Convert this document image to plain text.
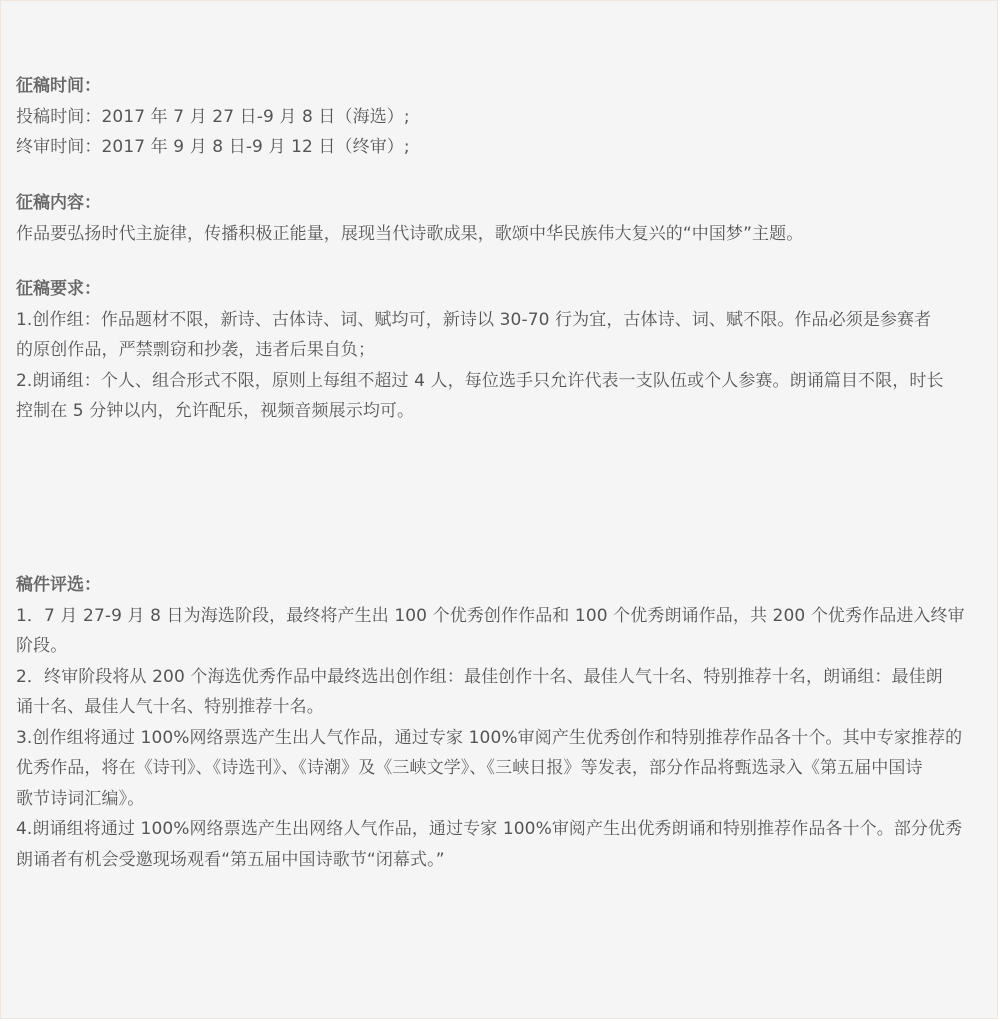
征稿时间：

投稿时间：2017 年 7 月 27 日-9 月 8 日（海选）;

终审时间：2017 年 9 月 8 日-9 月 12 日（终审）;

征稿内容：

作品要弘扬时代主旋律，传播积极正能量，展现当代诗歌成果，歌颂中华民族伟大复兴的“中国梦”主题。

征稿要求：

1.创作组：作品题材不限，新诗、古体诗、词、赋均可，新诗以 30-70 行为宜，古体诗、词、赋不限。作品必须是参赛者

的原创作品，严禁剽窃和抄袭，违者后果自负；

2.朗诵组：个人、组合形式不限，原则上每组不超过 4 人，每位选手只允许代表一支队伍或个人参赛。朗诵篇目不限，时长

控制在 5 分钟以内，允许配乐，视频音频展示均可。

稿件评选：

1．7 月 27-9 月 8 日为海选阶段，最终将产生出 100 个优秀创作作品和 100 个优秀朗诵作品，共 200 个优秀作品进入终审

阶段。

2．终审阶段将从 200 个海选优秀作品中最终选出创作组：最佳创作十名、最佳人气十名、特别推荐十名，朗诵组：最佳朗

诵十名、最佳人气十名、特别推荐十名。

3.创作组将通过 100%网络票选产生出人气作品，通过专家 100%审阅产生优秀创作和特别推荐作品各十个。其中专家推荐的

优秀作品，将在《诗刊》、《诗选刊》、《诗潮》及《三峡文学》、《三峡日报》等发表，部分作品将甄选录入《第五届中国诗

歌节诗词汇编》。

4.朗诵组将通过 100%网络票选产生出网络人气作品，通过专家 100%审阅产生出优秀朗诵和特别推荐作品各十个。部分优秀

朗诵者有机会受邀现场观看“第五届中国诗歌节“闭幕式。”
